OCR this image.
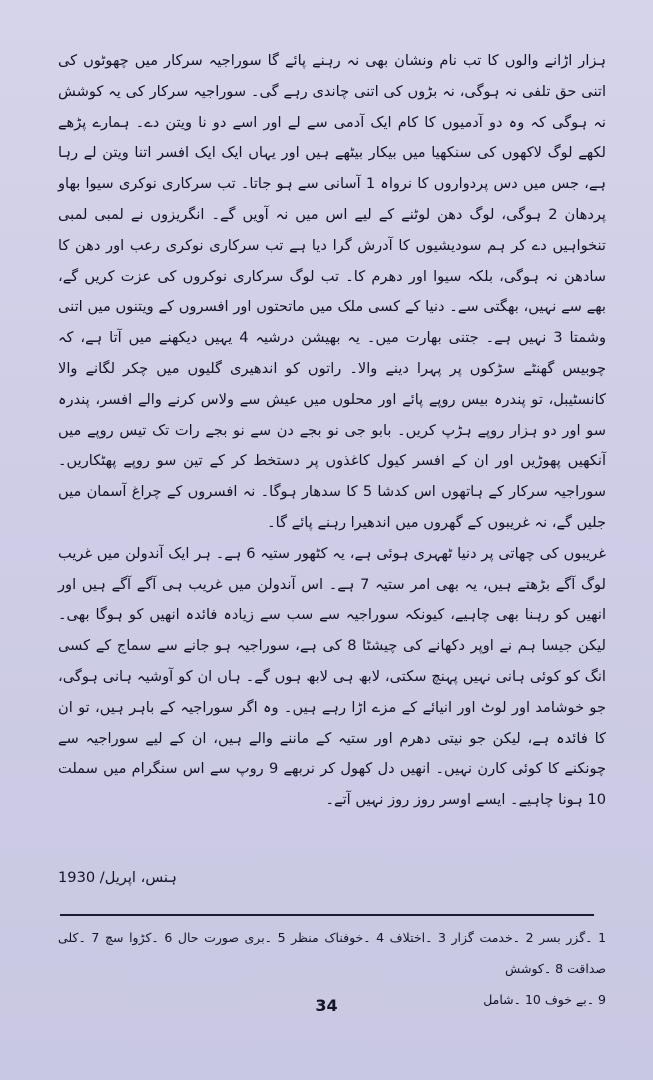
ہزار اڑانے والوں کا تب نام ونشان بھی نہ رہنے پائے گا سوراجیہ سرکار میں چھوٹوں کی اتنی حق تلفی نہ ہوگی، نہ بڑوں کی اتنی چاندی رہے گی۔ سوراجیہ سرکار کی یہ کوشش نہ ہوگی کہ وہ دو آدمیوں کا کام ایک آدمی سے لے اور اسے دو نا ویتن دے۔ ہمارے پڑھے لکھے لوگ لاکھوں کی سنکھیا میں بیکار بیٹھے ہیں اور یہاں ایک ایک افسر اتنا ویتن لے رہا ہے، جس میں دس پردواروں کا نرواہ 1 آسانی سے ہو جاتا۔ تب سرکاری نوکری سیوا بھاو پردھان 2 ہوگی، لوگ دھن لوٹنے کے لیے اس میں نہ آویں گے۔ انگریزوں نے لمبی لمبی تنخواہیں دے کر ہم سودیشیوں کا آدرش گرا دیا ہے تب سرکاری نوکری رعب اور دھن کا سادھن نہ ہوگی، بلکہ سیوا اور دھرم کا۔ تب لوگ سرکاری نوکروں کی عزت کریں گے، بھے سے نہیں، بھگتی سے۔ دنیا کے کسی ملک میں ماتحتوں اور افسروں کے ویتنوں میں اتنی وشمتا 3 نہیں ہے۔ جتنی بھارت میں۔ یہ بھیشن درشیہ 4 یہیں دیکھنے میں آتا ہے، کہ چوبیس گھنٹے سڑکوں پر پہرا دینے والا۔ راتوں کو اندھیری گلیوں میں چکر لگانے والا کانسٹیبل، تو پندرہ بیس روپے پائے اور محلوں میں عیش سے ولاس کرنے والے افسر، پندرہ سو اور دو ہزار روپے ہڑپ کریں۔ بابو جی نو بجے دن سے نو بجے رات تک تیس روپے میں آنکھیں پھوڑیں اور ان کے افسر کیول کاغذوں پر دستخط کر کے تین سو روپے پھٹکاریں۔ سوراجیہ سرکار کے ہاتھوں اس کدشا 5 کا سدھار ہوگا۔ نہ افسروں کے چراغ آسمان میں جلیں گے، نہ غریبوں کے گھروں میں اندھیرا رہنے پائے گا۔

غریبوں کی چھاتی پر دنیا ٹھہری ہوئی ہے، یہ کٹھور ستیہ 6 ہے۔ ہر ایک آندولن میں غریب لوگ آگے بڑھتے ہیں، یہ بھی امر ستیہ 7 ہے۔ اس آندولن میں غریب ہی آگے آگے ہیں اور انھیں کو رہنا بھی چاہیے، کیونکہ سوراجیہ سے سب سے زیادہ فائدہ انھیں کو ہوگا بھی۔ لیکن جیسا ہم نے اوپر دکھانے کی چیشٹا 8 کی ہے، سوراجیہ ہو جانے سے سماج کے کسی انگ کو کوئی ہانی نہیں پہنچ سکتی، لابھ ہی لابھ ہوں گے۔ ہاں ان کو آوشیہ ہانی ہوگی، جو خوشامد اور لوٹ اور انیائے کے مزے اڑا رہے ہیں۔ وہ اگر سوراجیہ کے باہر ہیں، تو ان کا فائدہ ہے، لیکن جو نیتی دھرم اور ستیہ کے ماننے والے ہیں، ان کے لیے سوراجیہ سے چونکنے کا کوئی کارن نہیں۔ انھیں دل کھول کر نربھے 9 روپ سے اس سنگرام میں سملت 10 ہونا چاہیے۔ ایسے اوسر روز روز نہیں آتے۔

ہنس، اپریل/ 1930

1 ۔گزر بسر 2 ۔خدمت گزار 3 ۔اختلاف 4 ۔خوفناک منظر 5 ۔بری صورت حال 6 ۔کڑوا سچ 7 ۔کلی صداقت 8 ۔کوشش

9 ۔بے خوف 10 ۔شامل

34
